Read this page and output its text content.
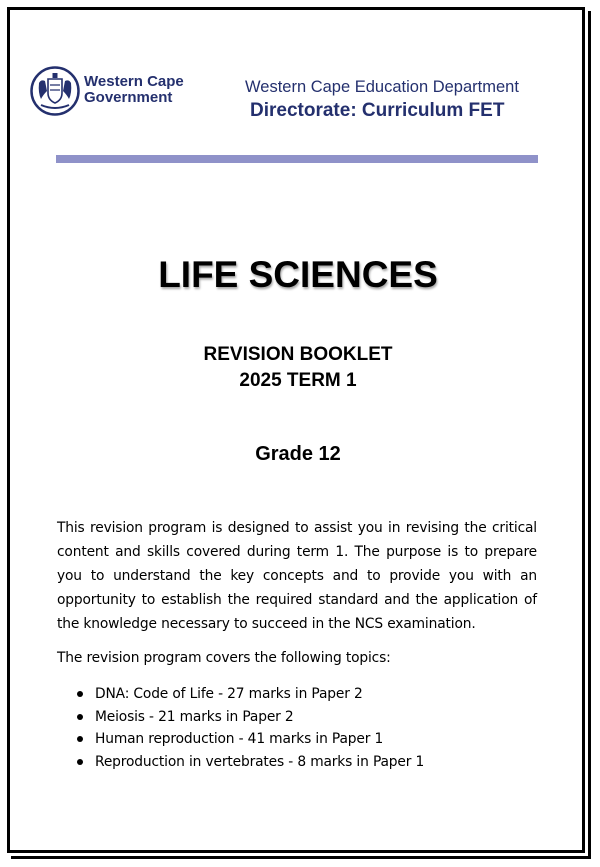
Western Cape
Government
Western Cape Education Department
Directorate: Curriculum FET
LIFE SCIENCES
REVISION BOOKLET
2025 TERM 1
Grade 12

This revision program is designed to assist you in revising the critical content and skills covered during term 1. The purpose is to prepare you to understand the key concepts and to provide you with an opportunity to establish the required standard and the application of the knowledge necessary to succeed in the NCS examination.

The revision program covers the following topics:

DNA: Code of Life - 27 marks in Paper 2
Meiosis - 21 marks in Paper 2
Human reproduction - 41 marks in Paper 1
Reproduction in vertebrates - 8 marks in Paper 1
